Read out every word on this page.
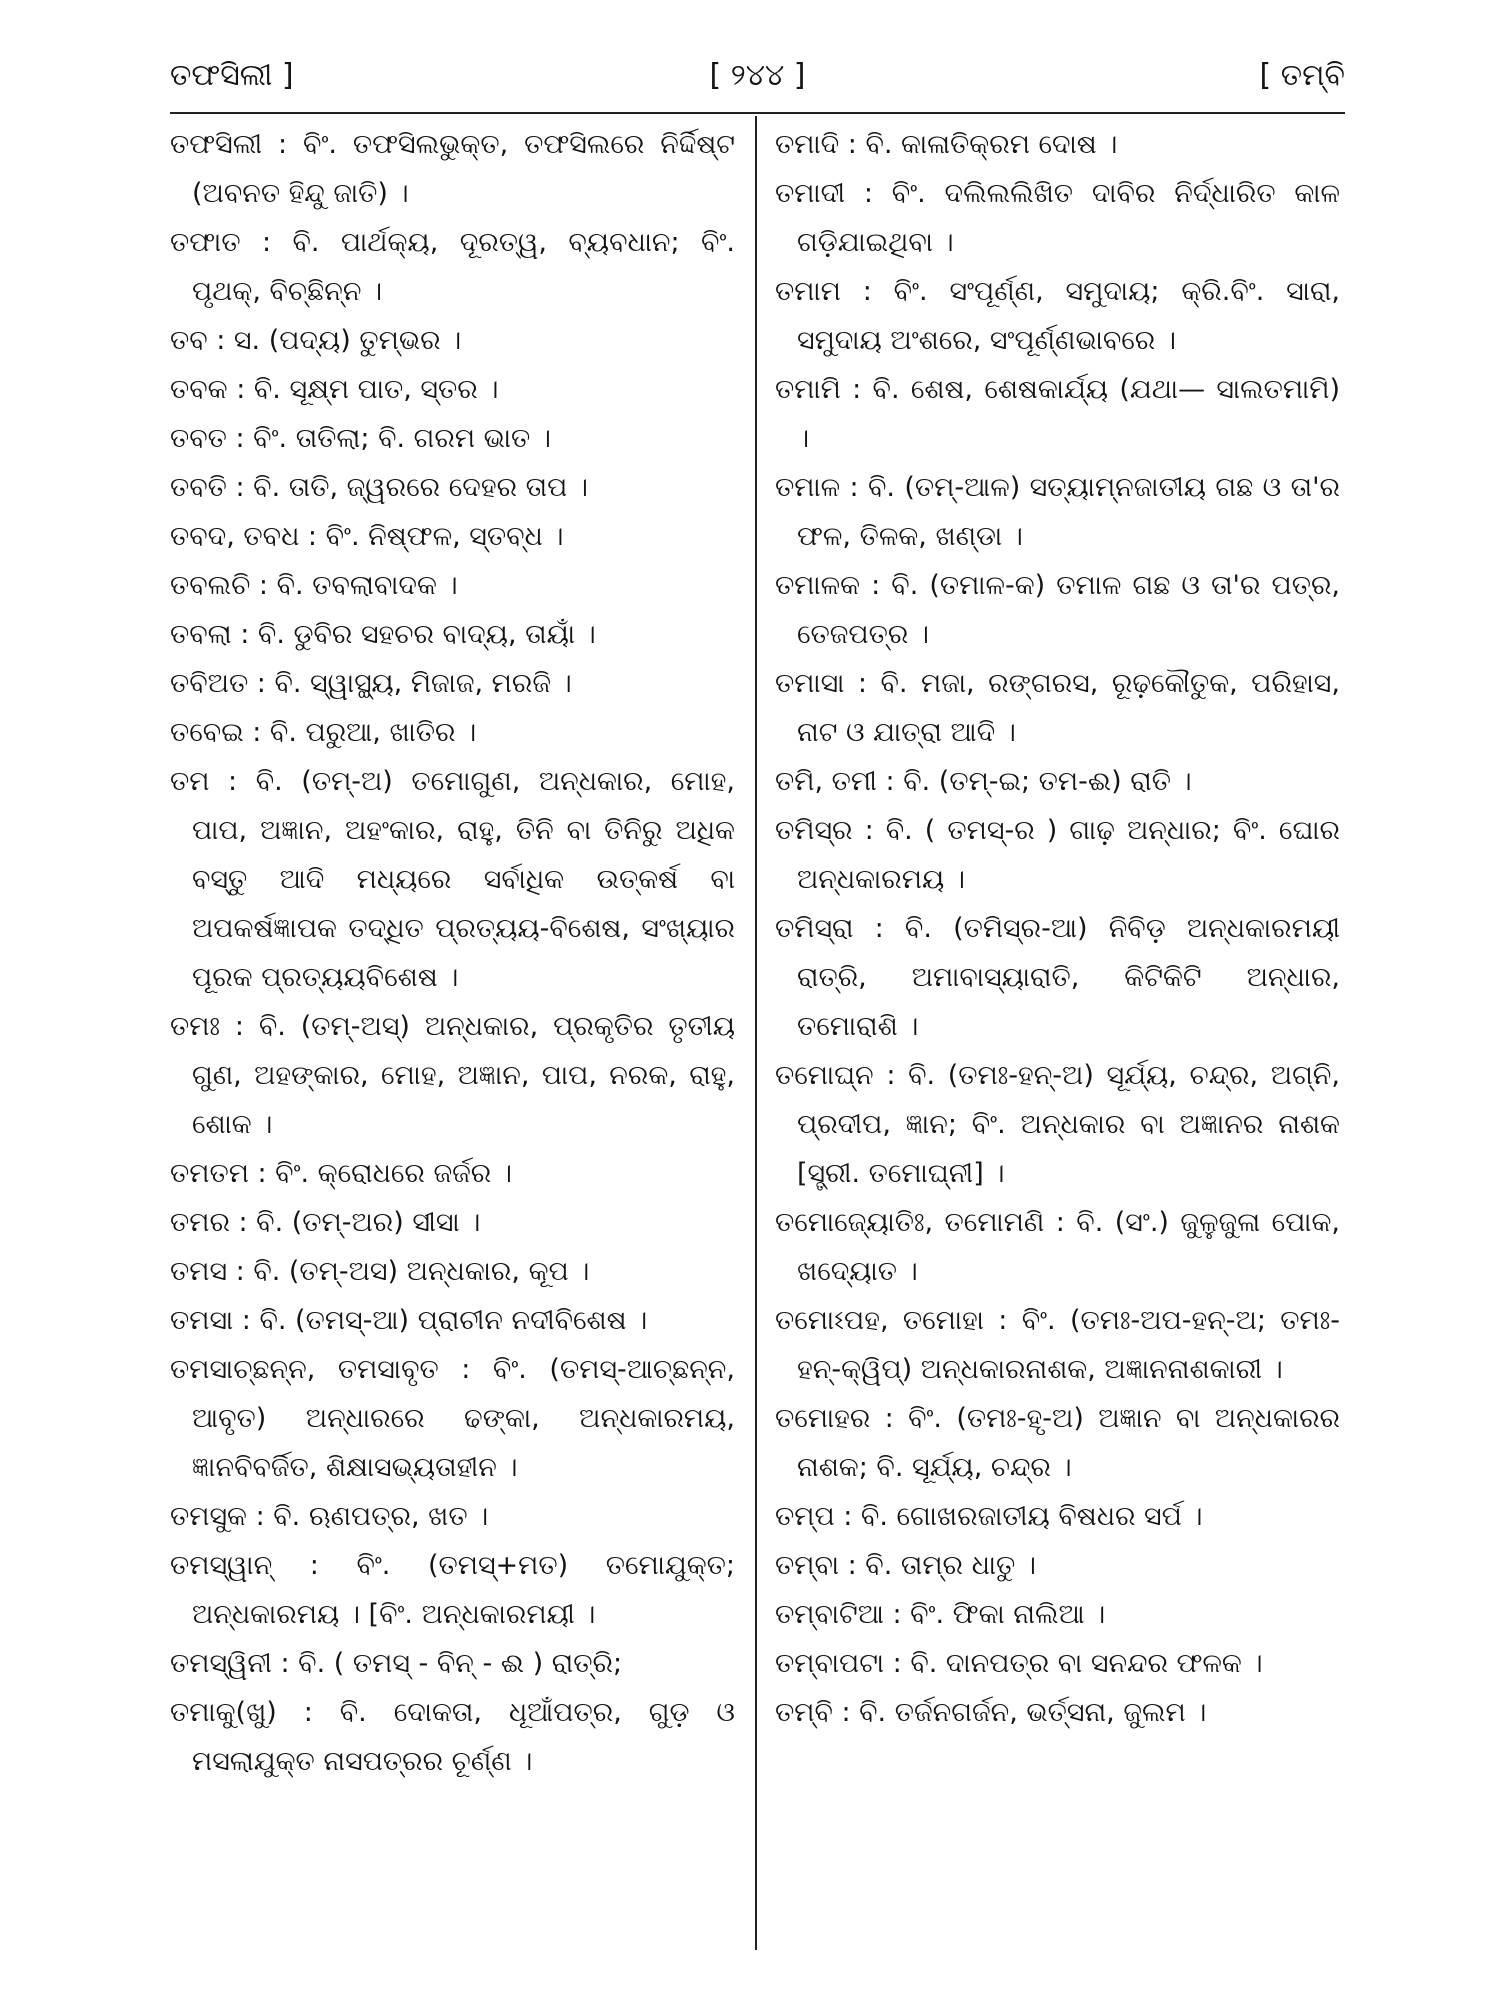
ତଫସିଲୀ ]	[ ୨୪୪ ]	[ ତମ୍ବି

ତଫସିଲୀ : ବିଂ. ତଫସିଲଭୁକ୍ତ, ତଫସିଲରେ ନିର୍ଦ୍ଦିଷ୍ଟ (ଅବନତ ହିନ୍ଦୁ ଜାତି) ।

ତଫାତ : ବି. ପାର୍ଥକ୍ୟ, ଦୂରତ୍ୱ, ବ୍ୟବଧାନ; ବିଂ. ପୃଥକ୍, ବିଚ୍ଛିନ୍ନ ।

ତବ : ସ. (ପଦ୍ୟ) ତୁମ୍ଭର ।

ତବକ : ବି. ସୂକ୍ଷ୍ମ ପାତ, ସ୍ତର ।

ତବତ : ବିଂ. ତାତିଲା; ବି. ଗରମ ଭାତ ।

ତବତି : ବି. ତାତି, ଜ୍ୱରରେ ଦେହର ତାପ ।

ତବଦ, ତବଧ : ବିଂ. ନିଷ୍ଫଳ, ସ୍ତବ୍ଧ ।

ତବଲଚି : ବି. ତବଲାବାଦକ ।

ତବଲା : ବି. ଡୁବିର ସହଚର ବାଦ୍ୟ, ତାୟାଁ ।

ତବିଅତ : ବି. ସ୍ୱାସ୍ଥ୍ୟ, ମିଜାଜ, ମରଜି ।

ତବେଇ : ବି. ପରୁଆ, ଖାତିର ।

ତମ : ବି. (ତମ୍-ଅ) ତମୋଗୁଣ, ଅନ୍ଧକାର, ମୋହ, ପାପ, ଅଜ୍ଞାନ, ଅହଂକାର, ରାହୁ, ତିନି ବା ତିନିରୁ ଅଧିକ ବସ୍ତୁ ଆଦି ମଧ୍ୟରେ ସର୍ବାଧିକ ଉତ୍କର୍ଷ ବା ଅପକର୍ଷଜ୍ଞାପକ ତଦ୍ଧିତ ପ୍ରତ୍ୟୟ-ବିଶେଷ, ସଂଖ୍ୟାର ପୂରକ ପ୍ରତ୍ୟୟବିଶେଷ ।

ତମଃ : ବି. (ତମ୍-ଅସ୍) ଅନ୍ଧକାର, ପ୍ରକୃତିର ତୃତୀୟ ଗୁଣ, ଅହଙ୍କାର, ମୋହ, ଅଜ୍ଞାନ, ପାପ, ନରକ, ରାହୁ, ଶୋକ ।

ତମତମ : ବିଂ. କ୍ରୋଧରେ ଜର୍ଜର ।

ତମର : ବି. (ତମ୍-ଅର) ସୀସା ।

ତମସ : ବି. (ତମ୍-ଅସ) ଅନ୍ଧକାର, କୂପ ।

ତମସା : ବି. (ତମସ୍-ଆ) ପ୍ରାଚୀନ ନଦୀବିଶେଷ ।

ତମସାଚ୍ଛନ୍ନ, ତମସାବୃତ : ବିଂ. (ତମସ୍-ଆଚ୍ଛନ୍ନ, ଆବୃତ) ଅନ୍ଧାରରେ ଢଙ୍କା, ଅନ୍ଧକାରମୟ, ଜ୍ଞାନବିବର୍ଜିତ, ଶିକ୍ଷାସଭ୍ୟତାହୀନ ।

ତମସୁକ : ବି. ଋଣପତ୍ର, ଖତ ।

ତମସ୍ୱାନ୍ : ବିଂ. (ତମସ୍+ମତ) ତମୋଯୁକ୍ତ; ଅନ୍ଧକାରମୟ । [ବିଂ. ଅନ୍ଧକାରମୟୀ ।

ତମସ୍ୱିନୀ : ବି. ( ତମସ୍ - ବିନ୍ - ଈ ) ରାତ୍ରି;

ତମାକୁ(ଖୁ) : ବି. ଦୋକତା, ଧୂଆଁପତ୍ର, ଗୁଡ଼ ଓ ମସଲାଯୁକ୍ତ ନାସପତ୍ରର ଚୂର୍ଣ୍ଣ ।

ତମାଦି : ବି. କାଳାତିକ୍ରମ ଦୋଷ ।

ତମାଦୀ : ବିଂ. ଦଲିଲଲିଖିତ ଦାବିର ନିର୍ଦ୍ଧାରିତ କାଳ ଗଡ଼ିଯାଇଥିବା ।

ତମାମ : ବିଂ. ସଂପୂର୍ଣ୍ଣ, ସମୁଦାୟ; କ୍ରି.ବିଂ. ସାରା, ସମୁଦାୟ ଅଂଶରେ, ସଂପୂର୍ଣ୍ଣଭାବରେ ।

ତମାମି : ବି. ଶେଷ, ଶେଷକାର୍ଯ୍ୟ (ଯଥା— ସାଲତମାମି) ।

ତମାଳ : ବି. (ତମ୍-ଆଳ) ସତ୍ୟାମ୍ନଜାତୀୟ ଗଛ ଓ ତା'ର ଫଳ, ତିଳକ, ଖଣ୍ଡା ।

ତମାଳକ : ବି. (ତମାଳ-କ) ତମାଳ ଗଛ ଓ ତା'ର ପତ୍ର, ତେଜପତ୍ର ।

ତମାସା : ବି. ମଜା, ରଙ୍ଗରସ, ରୂଢ଼କୌତୁକ, ପରିହାସ, ନାଟ ଓ ଯାତ୍ରା ଆଦି ।

ତମି, ତମୀ : ବି. (ତମ୍-ଇ; ତମ-ଈ) ରାତି ।

ତମିସ୍ର : ବି. ( ତମସ୍-ର ) ଗାଢ଼ ଅନ୍ଧାର; ବିଂ. ଘୋର ଅନ୍ଧକାରମୟ ।

ତମିସ୍ରା : ବି. (ତମିସ୍ର-ଆ) ନିବିଡ଼ ଅନ୍ଧକାରମୟୀ ରାତ୍ରି, ଅମାବାସ୍ୟାରାତି, କିଟିକିଟି ଅନ୍ଧାର, ତମୋରାଶି ।

ତମୋଘ୍ନ : ବି. (ତମଃ-ହନ୍-ଅ) ସୂର୍ଯ୍ୟ, ଚନ୍ଦ୍ର, ଅଗ୍ନି, ପ୍ରଦୀପ, ଜ୍ଞାନ; ବିଂ. ଅନ୍ଧକାର ବା ଅଜ୍ଞାନର ନାଶକ [ସ୍ତ୍ରୀ. ତମୋଘ୍ନୀ] ।

ତମୋଜ୍ୟୋତିଃ, ତମୋମଣି : ବି. (ସଂ.) ଜୁଳୁଜୁଳା ପୋକ, ଖଦ୍ୟୋତ ।

ତମୋଽପହ, ତମୋହା : ବିଂ. (ତମଃ-ଅପ-ହନ୍-ଅ; ତମଃ-ହନ୍-କ୍ୱିପ୍) ଅନ୍ଧକାରନାଶକ, ଅଜ୍ଞାନନାଶକାରୀ ।

ତମୋହର : ବିଂ. (ତମଃ-ହୃ-ଅ) ଅଜ୍ଞାନ ବା ଅନ୍ଧକାରର ନାଶକ; ବି. ସୂର୍ଯ୍ୟ, ଚନ୍ଦ୍ର ।

ତମ୍ପ : ବି. ଗୋଖରଜାତୀୟ ବିଷଧର ସର୍ପ ।

ତମ୍ବା : ବି. ତାମ୍ର ଧାତୁ ।

ତମ୍ବାଟିଆ : ବିଂ. ଫିକା ନାଲିଆ ।

ତମ୍ବାପଟା : ବି. ଦାନପତ୍ର ବା ସନନ୍ଦର ଫଳକ ।

ତମ୍ବି : ବି. ତର୍ଜନଗର୍ଜନ, ଭର୍ତ୍ସନା, ଜୁଲମ ।
